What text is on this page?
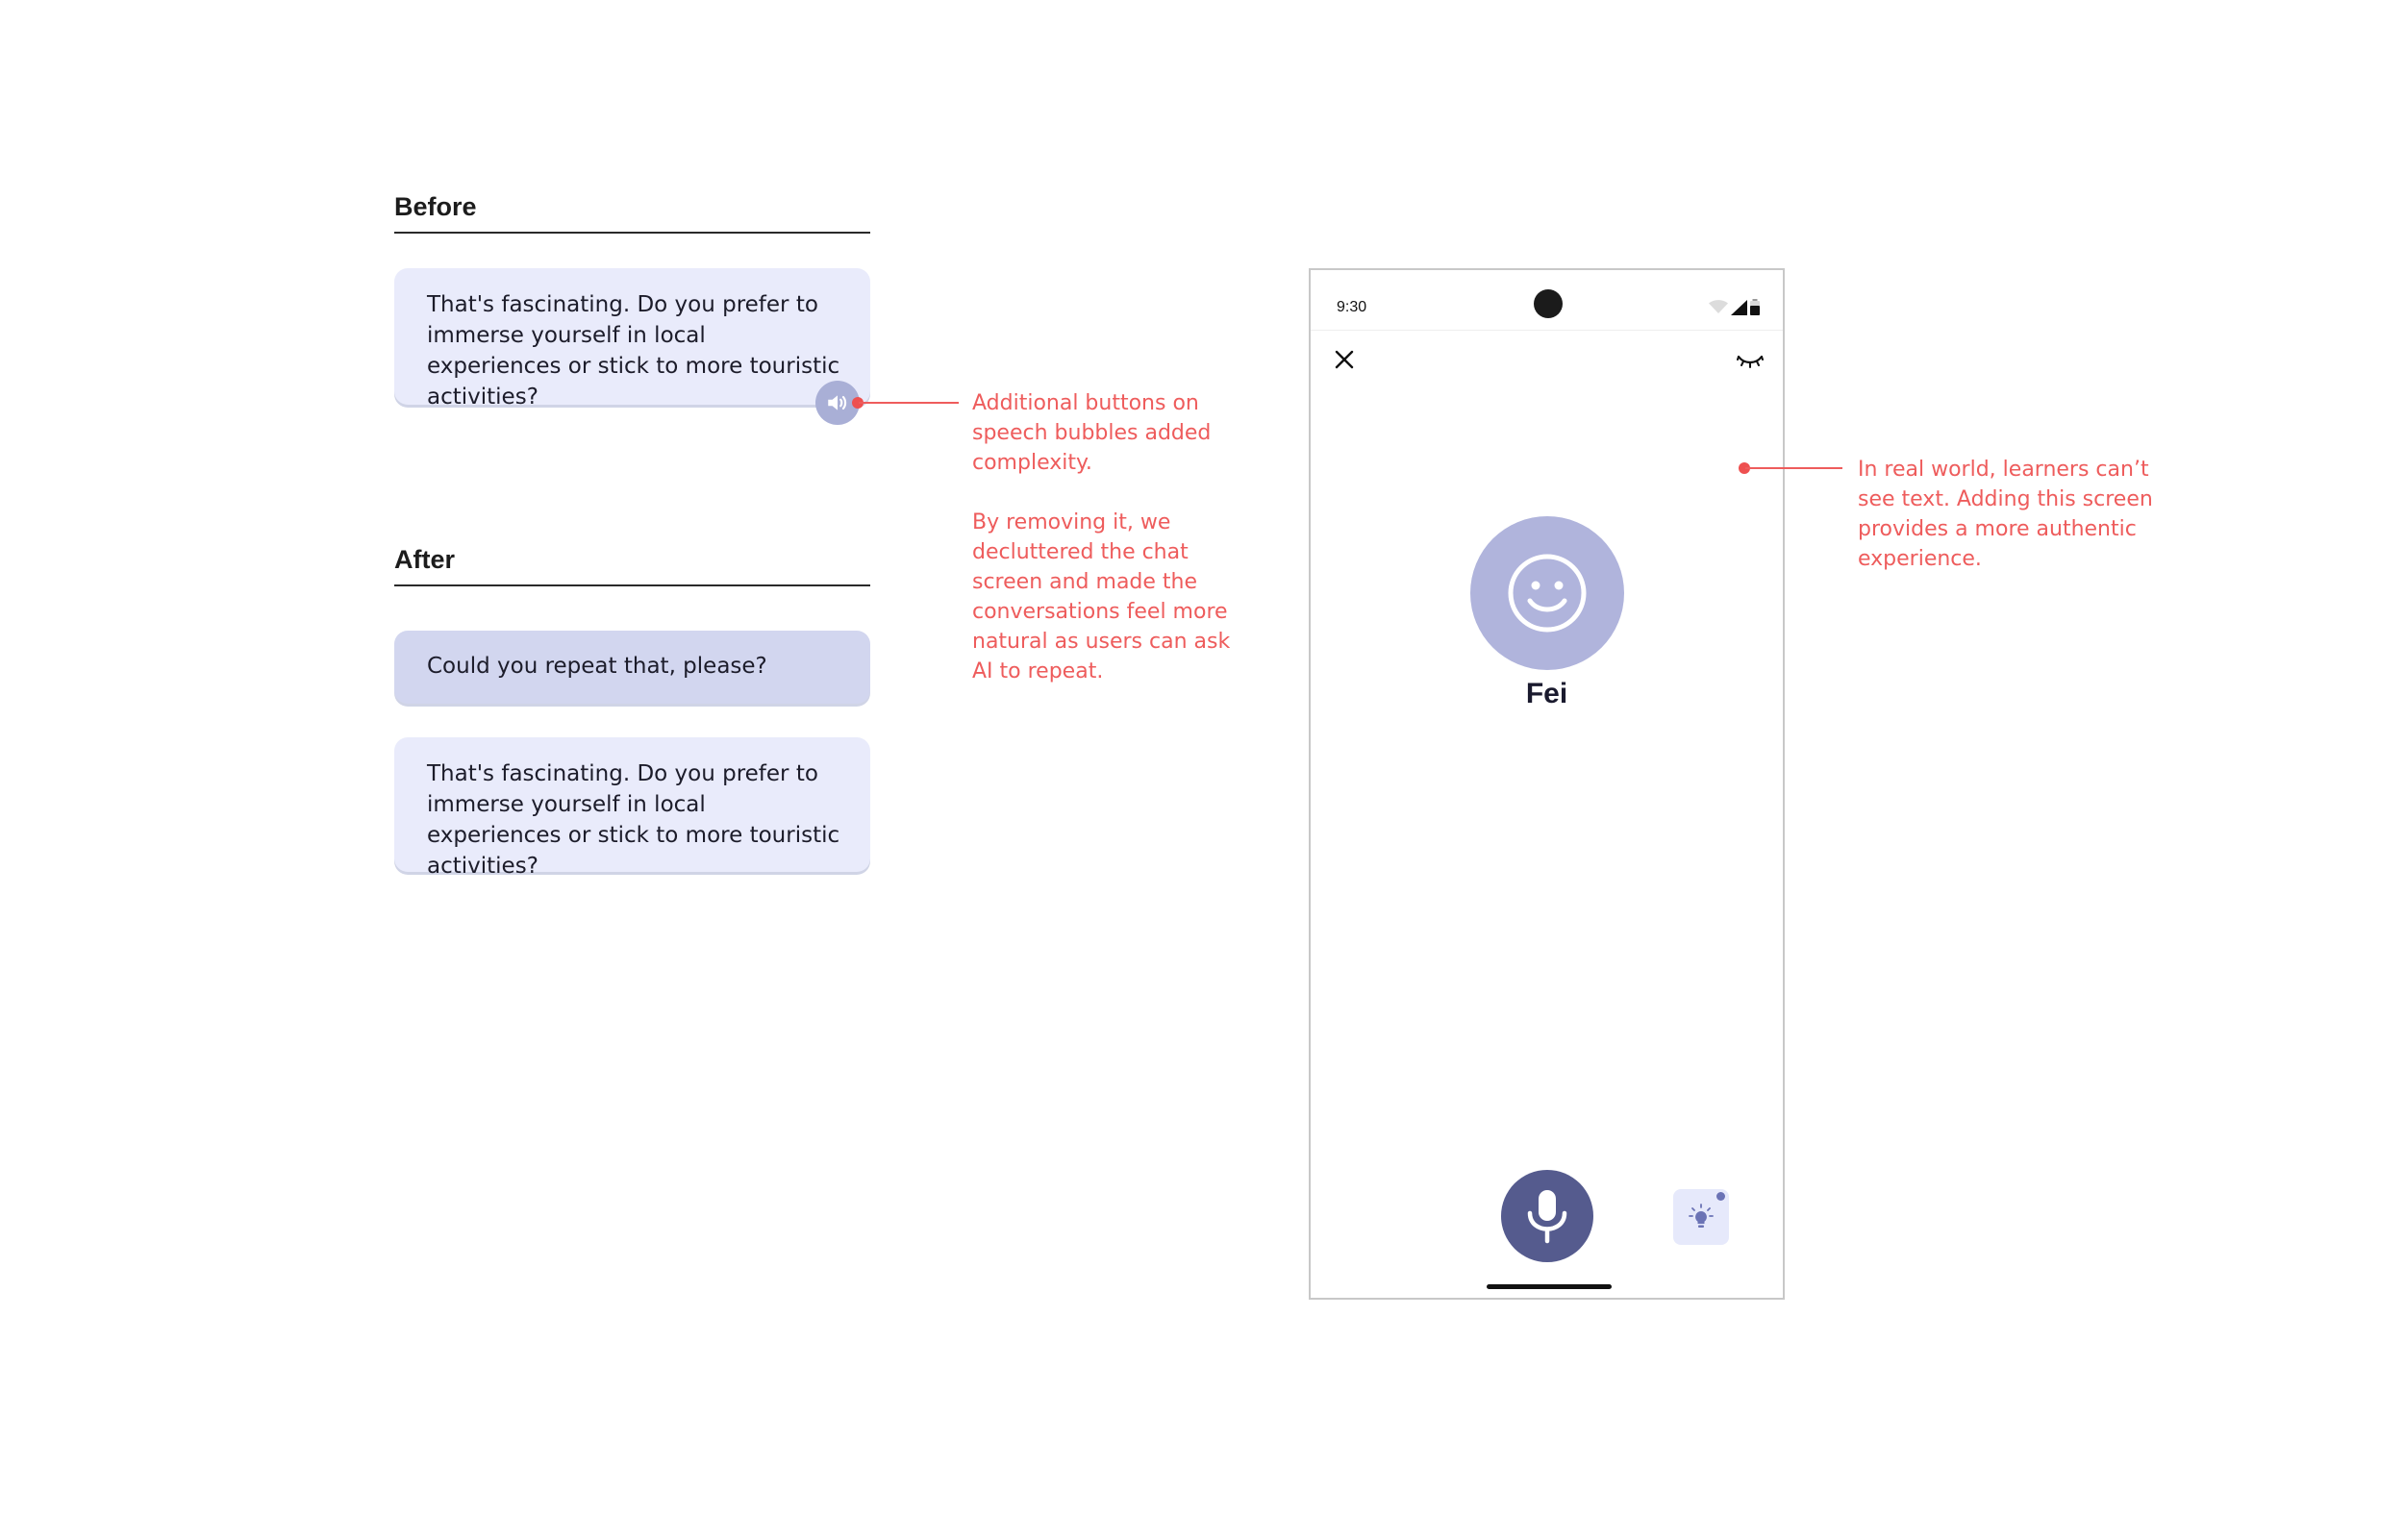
Before
That's fascinating. Do you prefer to immerse yourself in local experiences or stick to more touristic activities?	Additional buttons on
speech bubbles added
complexity.
By removing it, we
decluttered the chat
screen and made the
conversations feel more
natural as users can ask
AI to repeat.
After
Could you repeat that, please?
That's fascinating. Do you prefer to immerse yourself in local experiences or stick to more touristic activities?
9:30
Fei
In real world, learners can’t
see text. Adding this screen
provides a more authentic
experience.
